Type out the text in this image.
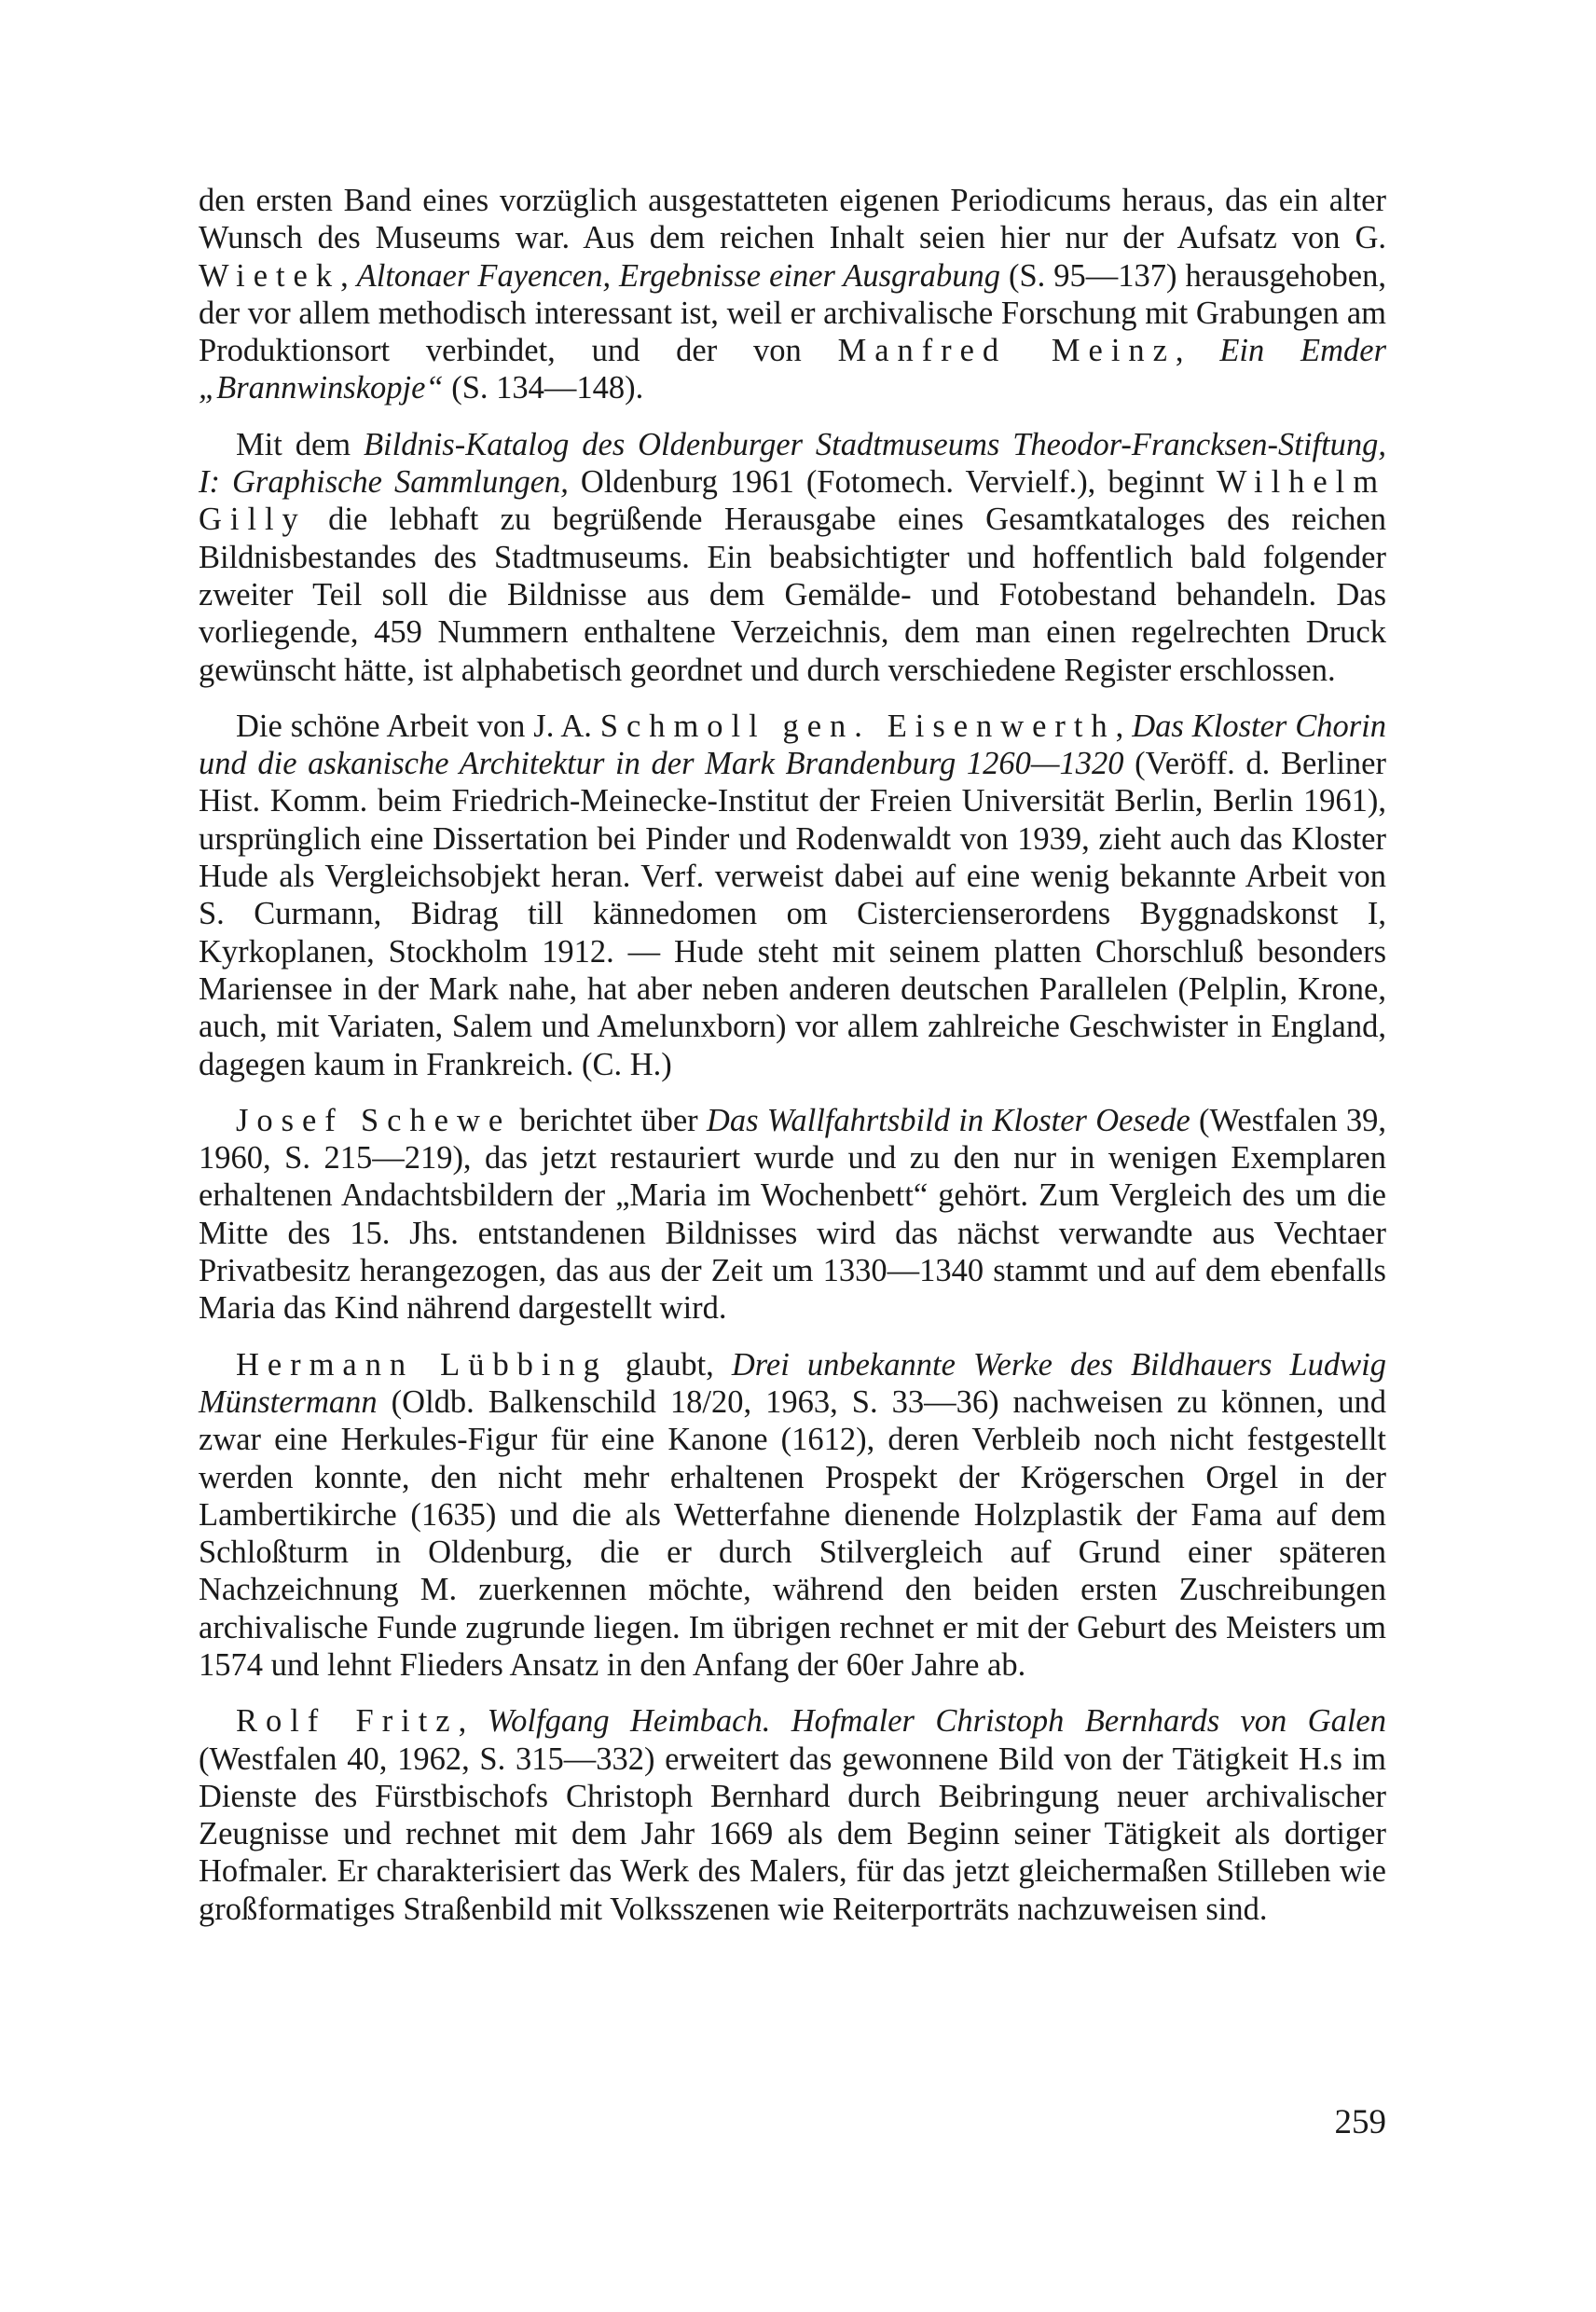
den ersten Band eines vorzüglich ausgestatteten eigenen Periodicums heraus, das ein alter Wunsch des Museums war. Aus dem reichen Inhalt seien hier nur der Aufsatz von G. Wietek, Altonaer Fayencen, Ergebnisse einer Ausgrabung (S. 95—137) herausgehoben, der vor allem methodisch interessant ist, weil er archivalische Forschung mit Grabungen am Produktionsort verbindet, und der von Manfred Meinz, Ein Emder „Brannwinskopje“ (S. 134—148).

Mit dem Bildnis-Katalog des Oldenburger Stadtmuseums Theodor-Francksen-Stiftung, I: Graphische Sammlungen, Oldenburg 1961 (Fotomech. Vervielf.), beginnt Wilhelm Gilly die lebhaft zu begrüßende Herausgabe eines Gesamtkataloges des reichen Bildnisbestandes des Stadtmuseums. Ein beabsichtigter und hoffentlich bald folgender zweiter Teil soll die Bildnisse aus dem Gemälde- und Fotobestand behandeln. Das vorliegende, 459 Nummern enthaltene Verzeichnis, dem man einen regelrechten Druck gewünscht hätte, ist alphabetisch geordnet und durch verschiedene Register erschlossen.

Die schöne Arbeit von J. A. Schmoll gen. Eisenwerth, Das Kloster Chorin und die askanische Architektur in der Mark Brandenburg 1260—1320 (Veröff. d. Berliner Hist. Komm. beim Friedrich-Meinecke-Institut der Freien Universität Berlin, Berlin 1961), ursprünglich eine Dissertation bei Pinder und Rodenwaldt von 1939, zieht auch das Kloster Hude als Vergleichsobjekt heran. Verf. verweist dabei auf eine wenig bekannte Arbeit von S. Curmann, Bidrag till kännedomen om Cistercienserordens Byggnadskonst I, Kyrkoplanen, Stockholm 1912. — Hude steht mit seinem platten Chorschluß besonders Mariensee in der Mark nahe, hat aber neben anderen deutschen Parallelen (Pelplin, Krone, auch, mit Variaten, Salem und Amelunxborn) vor allem zahlreiche Geschwister in England, dagegen kaum in Frankreich. (C. H.)

Josef Schewe berichtet über Das Wallfahrtsbild in Kloster Oesede (Westfalen 39, 1960, S. 215—219), das jetzt restauriert wurde und zu den nur in wenigen Exemplaren erhaltenen Andachtsbildern der „Maria im Wochenbett“ gehört. Zum Vergleich des um die Mitte des 15. Jhs. entstandenen Bildnisses wird das nächst verwandte aus Vechtaer Privatbesitz herangezogen, das aus der Zeit um 1330—1340 stammt und auf dem ebenfalls Maria das Kind nährend dargestellt wird.

Hermann Lübbing glaubt, Drei unbekannte Werke des Bildhauers Ludwig Münstermann (Oldb. Balkenschild 18/20, 1963, S. 33—36) nachweisen zu können, und zwar eine Herkules-Figur für eine Kanone (1612), deren Verbleib noch nicht festgestellt werden konnte, den nicht mehr erhaltenen Prospekt der Krögerschen Orgel in der Lambertikirche (1635) und die als Wetterfahne dienende Holzplastik der Fama auf dem Schloßturm in Oldenburg, die er durch Stilvergleich auf Grund einer späteren Nachzeichnung M. zuerkennen möchte, während den beiden ersten Zuschreibungen archivalische Funde zugrunde liegen. Im übrigen rechnet er mit der Geburt des Meisters um 1574 und lehnt Flieders Ansatz in den Anfang der 60er Jahre ab.

Rolf Fritz, Wolfgang Heimbach. Hofmaler Christoph Bernhards von Galen (Westfalen 40, 1962, S. 315—332) erweitert das gewonnene Bild von der Tätigkeit H.s im Dienste des Fürstbischofs Christoph Bernhard durch Beibringung neuer archivalischer Zeugnisse und rechnet mit dem Jahr 1669 als dem Beginn seiner Tätigkeit als dortiger Hofmaler. Er charakterisiert das Werk des Malers, für das jetzt gleichermaßen Stilleben wie großformatiges Straßenbild mit Volksszenen wie Reiterporträts nachzuweisen sind.

259
